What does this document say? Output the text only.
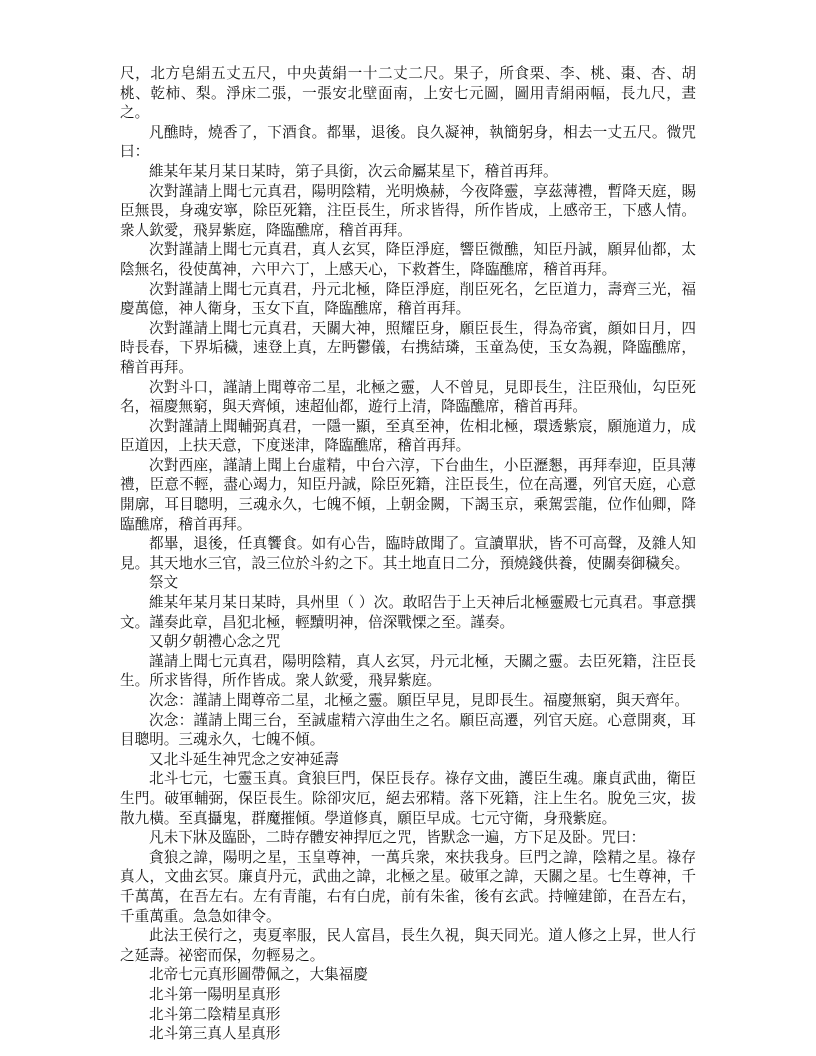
尺，北方皂絹五丈五尺，中央黃絹一十二丈二尺。果子，所食栗、李、桃、棗、杏、胡桃、乾柿、梨。淨床二張，一張安北壁面南，上安七元圖，圖用青絹兩幅，長九尺，晝之。

凡醮時，燒香了，下酒食。都畢，退後。良久凝神，執簡躬身，相去一丈五尺。微咒曰：

維某年某月某日某時，第子具銜，次云命屬某星下，稽首再拜。

次對謹請上聞七元真君，陽明陰精，光明煥赫，今夜降靈，享茲薄禮，暫降天庭，賜臣無畏，身魂安寧，除臣死籍，注臣長生，所求皆得，所作皆成，上感帝王，下感人情。衆人欽愛，飛昇紫庭，降臨醮席，稽首再拜。

次對謹請上聞七元真君，真人玄冥，降臣淨庭，響臣微醮，知臣丹誠，願昇仙都，太陰無名，役使萬神，六甲六丁，上感天心，下救蒼生，降臨醮席，稽首再拜。

次對謹請上聞七元真君，丹元北極，降臣淨庭，削臣死名，乞臣道力，壽齊三光，福慶萬億，神人衛身，玉女下直，降臨醮席，稽首再拜。

次對謹請上聞七元真君，天關大神，照耀臣身，願臣長生，得為帝賓，顔如日月，四時長春，下界垢穢，速登上真，左眄鬱儀，右携結璘，玉童為使，玉女為親，降臨醮席，稽首再拜。

次對斗口，謹請上聞尊帝二星，北極之靈，人不曾見，見即長生，注臣飛仙，勾臣死名，福慶無窮，與天齊傾，速超仙都，遊行上清，降臨醮席，稽首再拜。

次對謹請上聞輔弼真君，一隱一顯，至真至神，佐相北極，環透紫宸，願施道力，成臣道因，上扶天意，下度迷津，降臨醮席，稽首再拜。

次對西座，謹請上聞上台虛精，中台六淳，下台曲生，小臣瀝懇，再拜奉迎，臣具薄禮，臣意不輕，盡心竭力，知臣丹誠，除臣死籍，注臣長生，位在高遷，列官天庭，心意開廓，耳目聰明，三魂永久，七魄不傾，上朝金闕，下謁玉京，乘駕雲龍，位作仙卿，降臨醮席，稽首再拜。

都畢，退後，任真饗食。如有心告，臨時啟聞了。宣讀單狀，皆不可高聲，及雜人知見。其天地水三官，設三位於斗約之下。其土地直日二分，預燒錢供養，使關奏御穢矣。

祭文

維某年某月某日某時，具州里（ ）次。敢昭告于上天神后北極靈殿七元真君。事意撰文。謹奏此章，昌犯北極，輕黷明神，倍深戰慄之至。謹奏。

又朝夕朝禮心念之咒

謹請上聞七元真君，陽明陰精，真人玄冥，丹元北極，天關之靈。去臣死籍，注臣長生。所求皆得，所作皆成。衆人欽愛，飛昇紫庭。

次念：謹請上聞尊帝二星，北極之靈。願臣早見，見即長生。福慶無窮，與天齊年。

次念：謹請上聞三台，至誠虛精六淳曲生之名。願臣高遷，列官天庭。心意開爽，耳目聰明。三魂永久，七魄不傾。

又北斗延生神咒念之安神延壽

北斗七元，七靈玉真。貪狼巨門，保臣長存。祿存文曲，護臣生魂。廉貞武曲，衛臣生門。破軍輔弼，保臣長生。除卻灾厄，絕去邪精。落下死籍，注上生名。脫免三灾，拔散九橫。至真攝鬼，群魔摧傾。學道修真，願臣早成。七元守衛，身飛紫庭。

凡未下牀及臨卧，二時存體安神捍厄之咒，皆默念一遍，方下足及卧。咒曰：

貪狼之諱，陽明之星，玉皇尊神，一萬兵衆，來扶我身。巨門之諱，陰精之星。祿存真人，文曲玄冥。廉貞丹元，武曲之諱，北極之星。破軍之諱，天關之星。七生尊神，千千萬萬，在吾左右。左有青龍，右有白虎，前有朱雀，後有玄武。持幢建節，在吾左右，千重萬重。急急如律令。

此法王侯行之，夷夏率服，民人富昌，長生久視，與天同光。道人修之上昇，世人行之延壽。祕密而保，勿輕易之。

北帝七元真形圖帶佩之，大集福慶

北斗第一陽明星真形

北斗第二陰精星真形

北斗第三真人星真形
